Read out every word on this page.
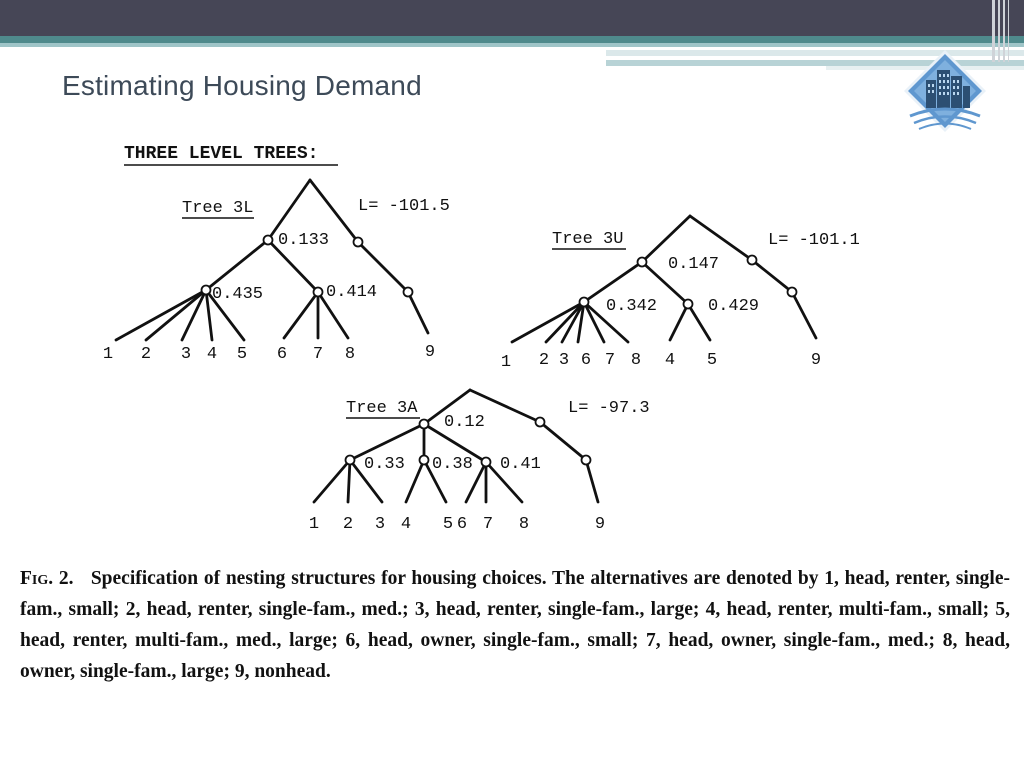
Estimating Housing Demand
THREE LEVEL TREES:
Tree 3L	L= -101.5
0.133
0.435	0.414
1 2 3 4 5 6 7 8	9
Tree 3U	L= -101.1
0.147
0.342	0.429
1 2 3 6 7 8 4 5	9
Tree 3A	L= -97.3
0.12
0.33 0.38 0.41
1 2 3 4 5 6 7 8	9

Fig. 2. Specification of nesting structures for housing choices. The alternatives are denoted by 1, head, renter, single-fam., small; 2, head, renter, single-fam., med.; 3, head, renter, single-fam., large; 4, head, renter, multi-fam., small; 5, head, renter, multi-fam., med., large; 6, head, owner, single-fam., small; 7, head, owner, single-fam., med.; 8, head, owner, single-fam., large; 9, nonhead.
